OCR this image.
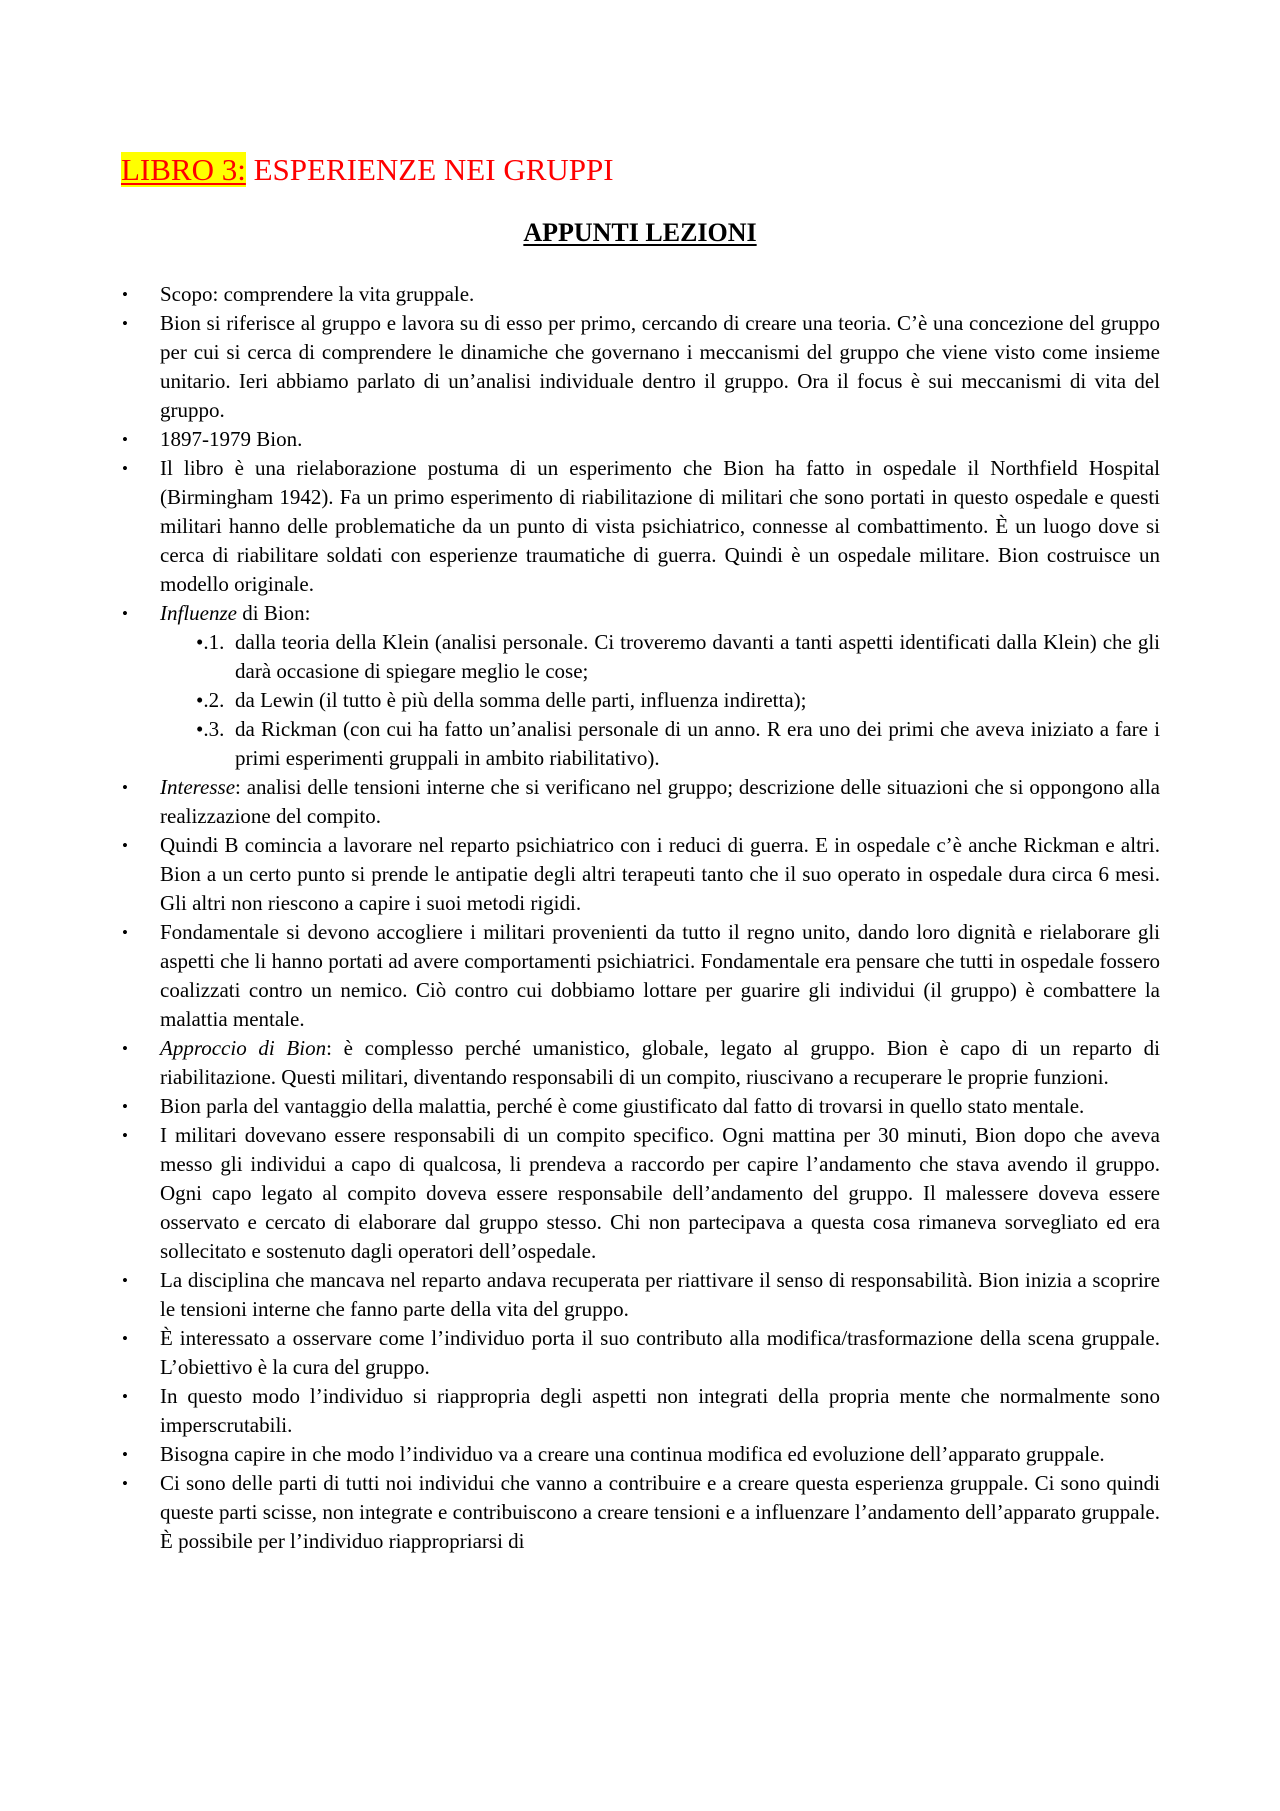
LIBRO 3: ESPERIENZE NEI GRUPPI
APPUNTI LEZIONI
• Scopo: comprendere la vita gruppale.
• Bion si riferisce al gruppo e lavora su di esso per primo, cercando di creare una teoria. C’è una concezione del gruppo per cui si cerca di comprendere le dinamiche che governano i meccanismi del gruppo che viene visto come insieme unitario. Ieri abbiamo parlato di un’analisi individuale dentro il gruppo. Ora il focus è sui meccanismi di vita del gruppo.
• 1897-1979 Bion.
• Il libro è una rielaborazione postuma di un esperimento che Bion ha fatto in ospedale il Northfield Hospital (Birmingham 1942). Fa un primo esperimento di riabilitazione di militari che sono portati in questo ospedale e questi militari hanno delle problematiche da un punto di vista psichiatrico, connesse al combattimento. È un luogo dove si cerca di riabilitare soldati con esperienze traumatiche di guerra. Quindi è un ospedale militare. Bion costruisce un modello originale.
• Influenze di Bion:
•.1. dalla teoria della Klein (analisi personale. Ci troveremo davanti a tanti aspetti identificati dalla Klein) che gli darà occasione di spiegare meglio le cose;
•.2. da Lewin (il tutto è più della somma delle parti, influenza indiretta);
•.3. da Rickman (con cui ha fatto un’analisi personale di un anno. R era uno dei primi che aveva iniziato a fare i primi esperimenti gruppali in ambito riabilitativo).
• Interesse: analisi delle tensioni interne che si verificano nel gruppo; descrizione delle situazioni che si oppongono alla realizzazione del compito.
• Quindi B comincia a lavorare nel reparto psichiatrico con i reduci di guerra. E in ospedale c’è anche Rickman e altri. Bion a un certo punto si prende le antipatie degli altri terapeuti tanto che il suo operato in ospedale dura circa 6 mesi. Gli altri non riescono a capire i suoi metodi rigidi.
• Fondamentale si devono accogliere i militari provenienti da tutto il regno unito, dando loro dignità e rielaborare gli aspetti che li hanno portati ad avere comportamenti psichiatrici. Fondamentale era pensare che tutti in ospedale fossero coalizzati contro un nemico. Ciò contro cui dobbiamo lottare per guarire gli individui (il gruppo) è combattere la malattia mentale.
• Approccio di Bion: è complesso perché umanistico, globale, legato al gruppo. Bion è capo di un reparto di riabilitazione. Questi militari, diventando responsabili di un compito, riuscivano a recuperare le proprie funzioni.
• Bion parla del vantaggio della malattia, perché è come giustificato dal fatto di trovarsi in quello stato mentale.
• I militari dovevano essere responsabili di un compito specifico. Ogni mattina per 30 minuti, Bion dopo che aveva messo gli individui a capo di qualcosa, li prendeva a raccordo per capire l’andamento che stava avendo il gruppo. Ogni capo legato al compito doveva essere responsabile dell’andamento del gruppo. Il malessere doveva essere osservato e cercato di elaborare dal gruppo stesso. Chi non partecipava a questa cosa rimaneva sorvegliato ed era sollecitato e sostenuto dagli operatori dell’ospedale.
• La disciplina che mancava nel reparto andava recuperata per riattivare il senso di responsabilità. Bion inizia a scoprire le tensioni interne che fanno parte della vita del gruppo.
• È interessato a osservare come l’individuo porta il suo contributo alla modifica/trasformazione della scena gruppale. L’obiettivo è la cura del gruppo.
• In questo modo l’individuo si riappropria degli aspetti non integrati della propria mente che normalmente sono imperscrutabili.
• Bisogna capire in che modo l’individuo va a creare una continua modifica ed evoluzione dell’apparato gruppale.
• Ci sono delle parti di tutti noi individui che vanno a contribuire e a creare questa esperienza gruppale. Ci sono quindi queste parti scisse, non integrate e contribuiscono a creare tensioni e a influenzare l’andamento dell’apparato gruppale. È possibile per l’individuo riappropriarsi di
